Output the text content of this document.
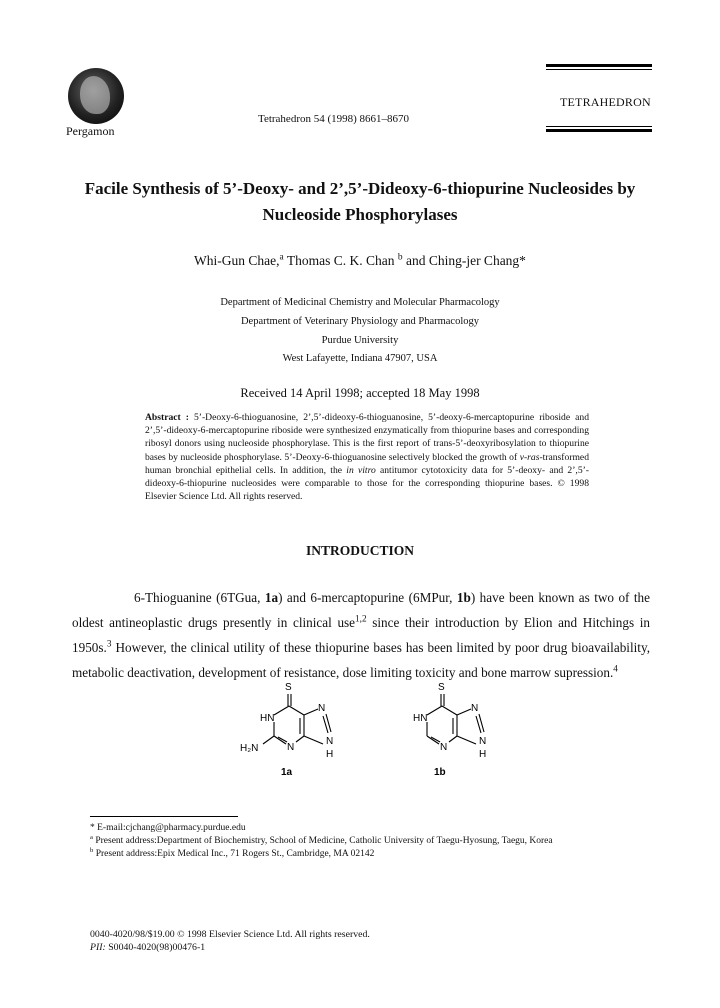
Pergamon
Tetrahedron 54 (1998) 8661–8670
TETRAHEDRON
Facile Synthesis of 5’-Deoxy- and 2’,5’-Dideoxy-6-thiopurine Nucleosides by
Nucleoside Phosphorylases
Whi-Gun Chae,$^a$ Thomas C. K. Chan $^b$ and Ching-jer Chang*
Department of Medicinal Chemistry and Molecular Pharmacology
Department of Veterinary Physiology and Pharmacology
Purdue University
West Lafayette, Indiana 47907, USA
Received 14 April 1998; accepted 18 May 1998
Abstract : 5’-Deoxy-6-thioguanosine, 2’,5’-dideoxy-6-thioguanosine, 5’-deoxy-6-mercaptopurine riboside and 2’,5’-dideoxy-6-mercaptopurine riboside were synthesized enzymatically from thiopurine bases and corresponding ribosyl donors using nucleoside phosphorylase. This is the first report of trans-5’-deoxyribosylation to thiopurine bases by nucleoside phosphorylase. 5’-Deoxy-6-thioguanosine selectively blocked the growth of v-ras-transformed human bronchial epithelial cells. In addition, the in vitro antitumor cytotoxicity data for 5’-deoxy- and 2’,5’-dideoxy-6-thiopurine nucleosides were comparable to those for the corresponding thiopurine bases. © 1998 Elsevier Science Ltd. All rights reserved.
INTRODUCTION

6-Thioguanine (6TGua, 1a) and 6-mercaptopurine (6MPur, 1b) have been known as two of the oldest antineoplastic drugs presently in clinical use$^{1,2}$ since their introduction by Elion and Hitchings in 1950s.$^3$ However, the clinical utility of these thiopurine bases has been limited by poor drug bioavailability, metabolic deactivation, development of resistance, dose limiting toxicity and bone marrow supression.$^4$

S
HN
N
N
N
H
H₂N
S
HN
N
N
N
H
1a	1b
* E-mail:cjchang@pharmacy.purdue.edu
$^a$ Present address:Department of Biochemistry, School of Medicine, Catholic University of Taegu-Hyosung, Taegu, Korea
$^b$ Present address:Epix Medical Inc., 71 Rogers St., Cambridge, MA 02142
0040-4020/98/$19.00 © 1998 Elsevier Science Ltd. All rights reserved.
PII: S0040-4020(98)00476-1
